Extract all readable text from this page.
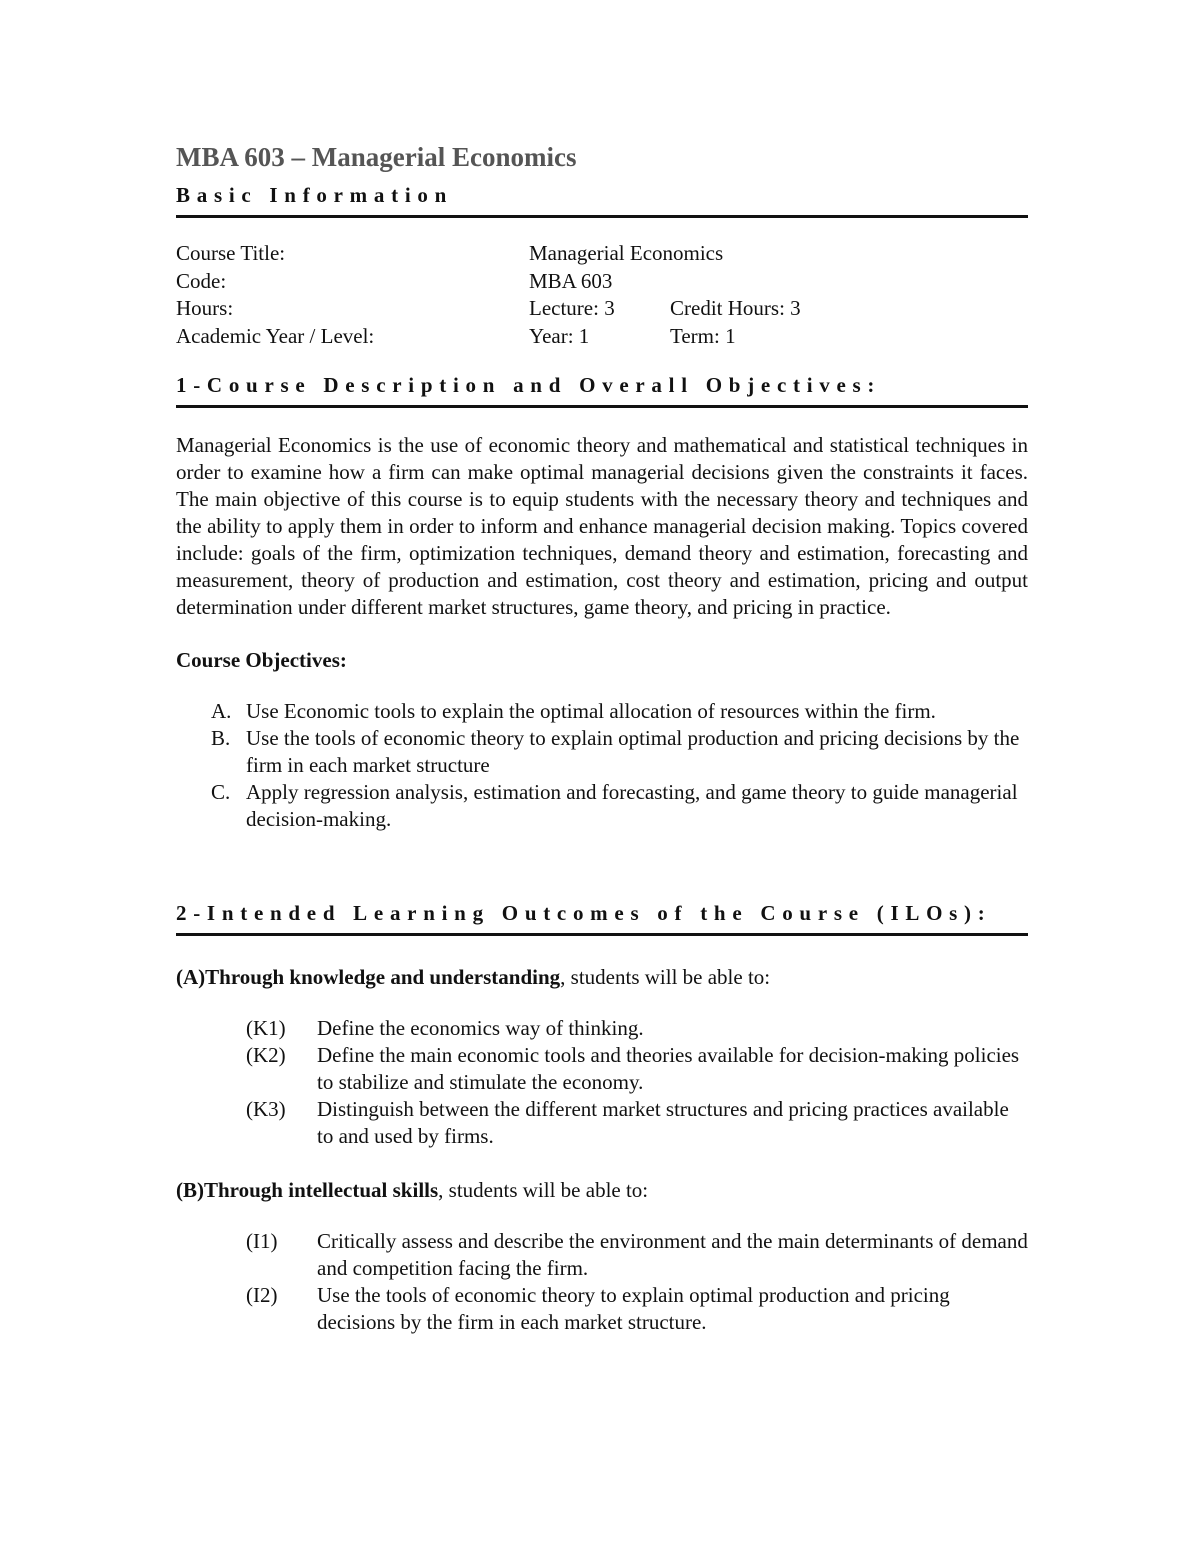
MBA 603 – Managerial Economics
Basic Information
Course Title:	Managerial Economics	
Code:	MBA 603	
Hours:	Lecture: 3	Credit Hours: 3
Academic Year / Level:	Year: 1	Term: 1
1-Course Description and Overall Objectives:

Managerial Economics is the use of economic theory and mathematical and statistical techniques in order to examine how a firm can make optimal managerial decisions given the constraints it faces. The main objective of this course is to equip students with the necessary theory and techniques and the ability to apply them in order to inform and enhance managerial decision making. Topics covered include: goals of the firm, optimization techniques, demand theory and estimation, forecasting and measurement, theory of production and estimation, cost theory and estimation, pricing and output determination under different market structures, game theory, and pricing in practice.

Course Objectives:
A. Use Economic tools to explain the optimal allocation of resources within the firm.
B. Use the tools of economic theory to explain optimal production and pricing decisions by the firm in each market structure
C. Apply regression analysis, estimation and forecasting, and game theory to guide managerial decision-making.
2-Intended Learning Outcomes of the Course (ILOs):
(A)Through knowledge and understanding, students will be able to:
(K1) Define the economics way of thinking.
(K2) Define the main economic tools and theories available for decision-making policies to stabilize and stimulate the economy.
(K3) Distinguish between the different market structures and pricing practices available to and used by firms.
(B)Through intellectual skills, students will be able to:
(I1) Critically assess and describe the environment and the main determinants of demand and competition facing the firm.
(I2) Use the tools of economic theory to explain optimal production and pricing decisions by the firm in each market structure.
